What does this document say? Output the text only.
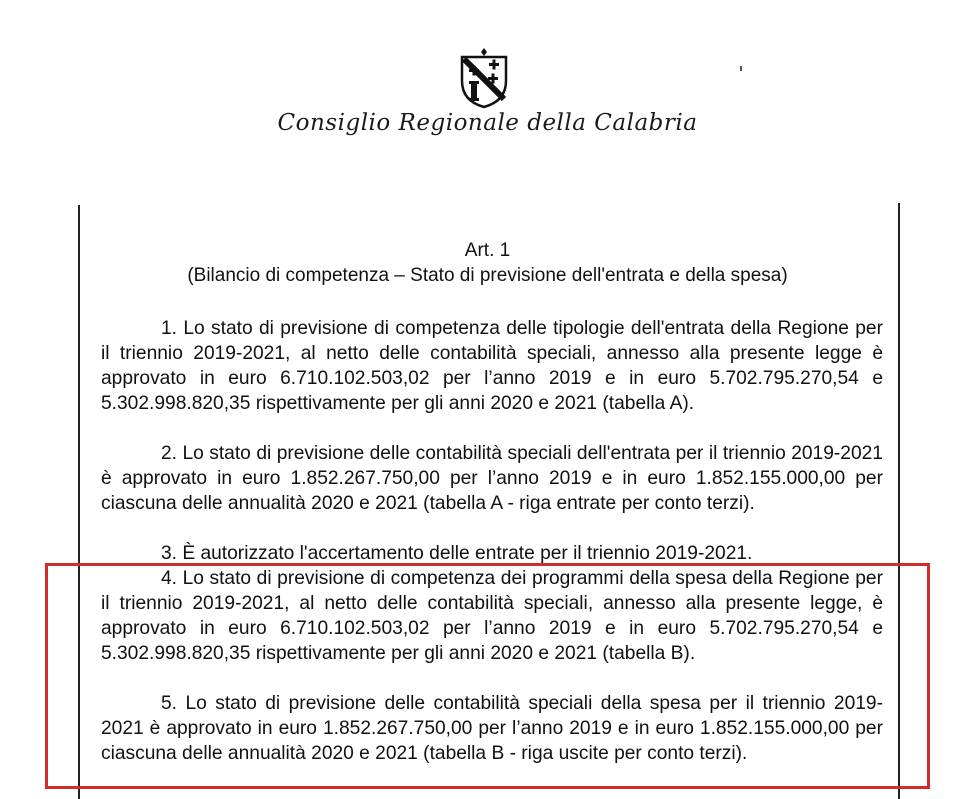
Consiglio Regionale della Calabria
Art. 1
(Bilancio di competenza – Stato di previsione dell'entrata e della spesa)

1. Lo stato di previsione di competenza delle tipologie dell'entrata della Regione per il triennio 2019-2021, al netto delle contabilità speciali, annesso alla presente legge è approvato in euro 6.710.102.503,02 per l’anno 2019 e in euro 5.702.795.270,54 e 5.302.998.820,35 rispettivamente per gli anni 2020 e 2021 (tabella A).

2. Lo stato di previsione delle contabilità speciali dell'entrata per il triennio 2019-2021 è approvato in euro 1.852.267.750,00 per l’anno 2019 e in euro 1.852.155.000,00 per ciascuna delle annualità 2020 e 2021 (tabella A - riga entrate per conto terzi).

3. È autorizzato l'accertamento delle entrate per il triennio 2019-2021.

4. Lo stato di previsione di competenza dei programmi della spesa della Regione per il triennio 2019-2021, al netto delle contabilità speciali, annesso alla presente legge, è approvato in euro 6.710.102.503,02 per l’anno 2019 e in euro 5.702.795.270,54 e 5.302.998.820,35 rispettivamente per gli anni 2020 e 2021 (tabella B).

5. Lo stato di previsione delle contabilità speciali della spesa per il triennio 2019-2021 è approvato in euro 1.852.267.750,00 per l’anno 2019 e in euro 1.852.155.000,00 per ciascuna delle annualità 2020 e 2021 (tabella B - riga uscite per conto terzi).
